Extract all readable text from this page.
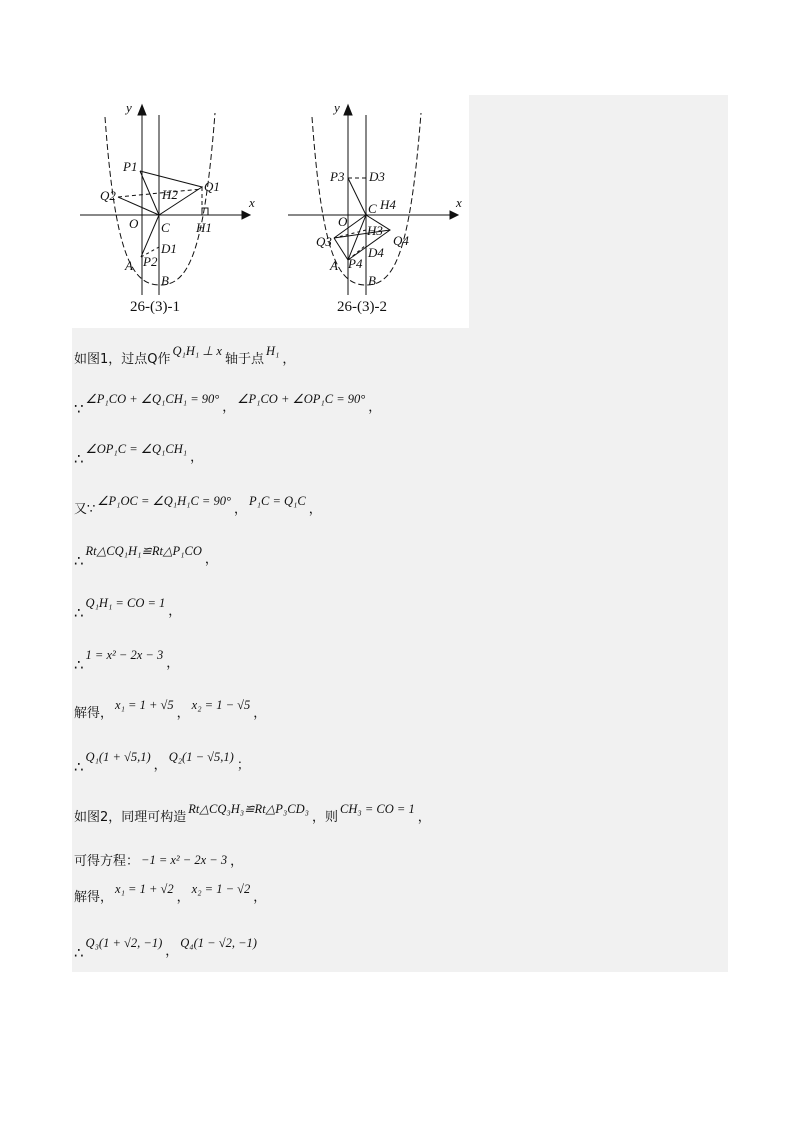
y
x
P1
Q1
Q2	H2
O C H1
D1
A P2
B
26-(3)-1
y
x
P3 D3
C H4
O
H3
Q3	Q4
A P4
D4
B
26-(3)-2
如图1，过点Q作
Q₁H₁ ⊥ x
轴于点
H₁
，
∵
∠P₁CO + ∠Q₁CH₁ = 90°
，
∠P₁CO + ∠OP₁C = 90°
，
∴
∠OP₁C = ∠Q₁CH₁
，
又∵
∠P₁OC = ∠Q₁H₁C = 90°
，
P₁C = Q₁C
，
∴
Rt△CQ₁H₁≌Rt△P₁CO
，
∴
Q₁H₁ = CO = 1
，
∴
1 = x² − 2x − 3
，
解得，
x₁ = 1 + √5
，
x₂ = 1 − √5
，
∴
Q₁(1 + √5,1)
，
Q₂(1 − √5,1)
；
如图2，同理可构造
Rt△CQ₃H₃≌Rt△P₃CD₃
，则
CH₃ = CO = 1
，
可得方程： −1 = x² − 2x − 3 ，
解得，
x₁ = 1 + √2
，
x₂ = 1 − √2
，
∴
Q₃(1 + √2, −1)
，
Q₄(1 − √2, −1)
